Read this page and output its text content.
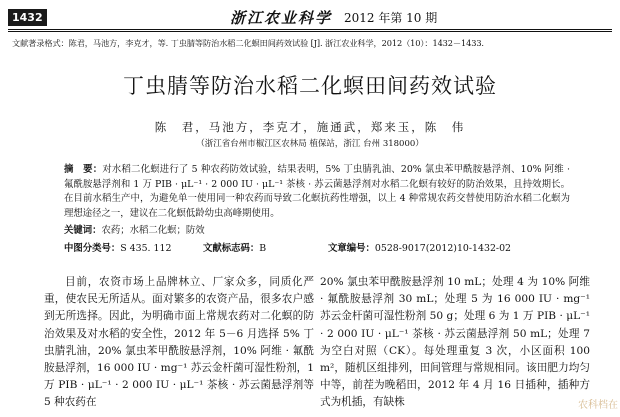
1432	浙江农业科学 2012 年第 10 期
文献著录格式：陈君，马池方，李克才，等. 丁虫腈等防治水稻二化螟田间药效试验 [J]. 浙江农业科学，2012（10）：1432－1433.
丁虫腈等防治水稻二化螟田间药效试验
陈　君，马池方，李克才，施通武，郑来玉，陈　伟
（浙江省台州市椒江区农林局 植保站，浙江 台州 318000）
摘　要：对水稻二化螟进行了 5 种农药防效试验，结果表明，5% 丁虫腈乳油、20% 氯虫苯甲酰胺悬浮剂、10% 阿维 · 氟酰胺悬浮剂和 1 万 PIB · μL⁻¹ · 2 000 IU · μL⁻¹ 茶核 · 苏云菌悬浮剂对水稻二化螟有较好的防治效果，且持效期长。在目前水稻生产中，为避免单一使用同一种农药而导致二化螟抗药性增强，以上 4 种常规农药交替使用防治水稻二化螟为理想途径之一，建议在二化螟低龄幼虫高峰期使用。
关键词：农药；水稻二化螟；防效
中图分类号：S 435. 112	文献标志码：B	文章编号：0528-9017(2012)10-1432-02

目前，农资市场上品牌林立、厂家众多，同质化严重，使农民无所适从。面对繁多的农资产品，很多农户感到无所选择。因此，为明确市面上常规农药对二化螟的防治效果及对水稻的安全性，2012 年 5－6 月选择 5% 丁虫腈乳油，20% 氯虫苯甲酰胺悬浮剂，10% 阿维 · 氟酰胺悬浮剂，16 000 IU · mg⁻¹ 苏云金杆菌可湿性粉剂，1 万 PIB · μL⁻¹ · 2 000 IU · μL⁻¹ 茶核 · 苏云菌悬浮剂等 5 种农药在

20% 氯虫苯甲酰胺悬浮剂 10 mL；处理 4 为 10% 阿维 · 氟酰胺悬浮剂 30 mL；处理 5 为 16 000 IU · mg⁻¹ 苏云金杆菌可湿性粉剂 50 g；处理 6 为 1 万 PIB · μL⁻¹ · 2 000 IU · μL⁻¹ 茶核 · 苏云菌悬浮剂 50 mL；处理 7 为空白对照（CK）。每处理重复 3 次，小区面积 100 m²，随机区组排列，田间管理与常规相同。该田肥力均匀中等，前茬为晚稻田，2012 年 4 月 16 日插种，插种方式为机插，有缺株	农科档在
